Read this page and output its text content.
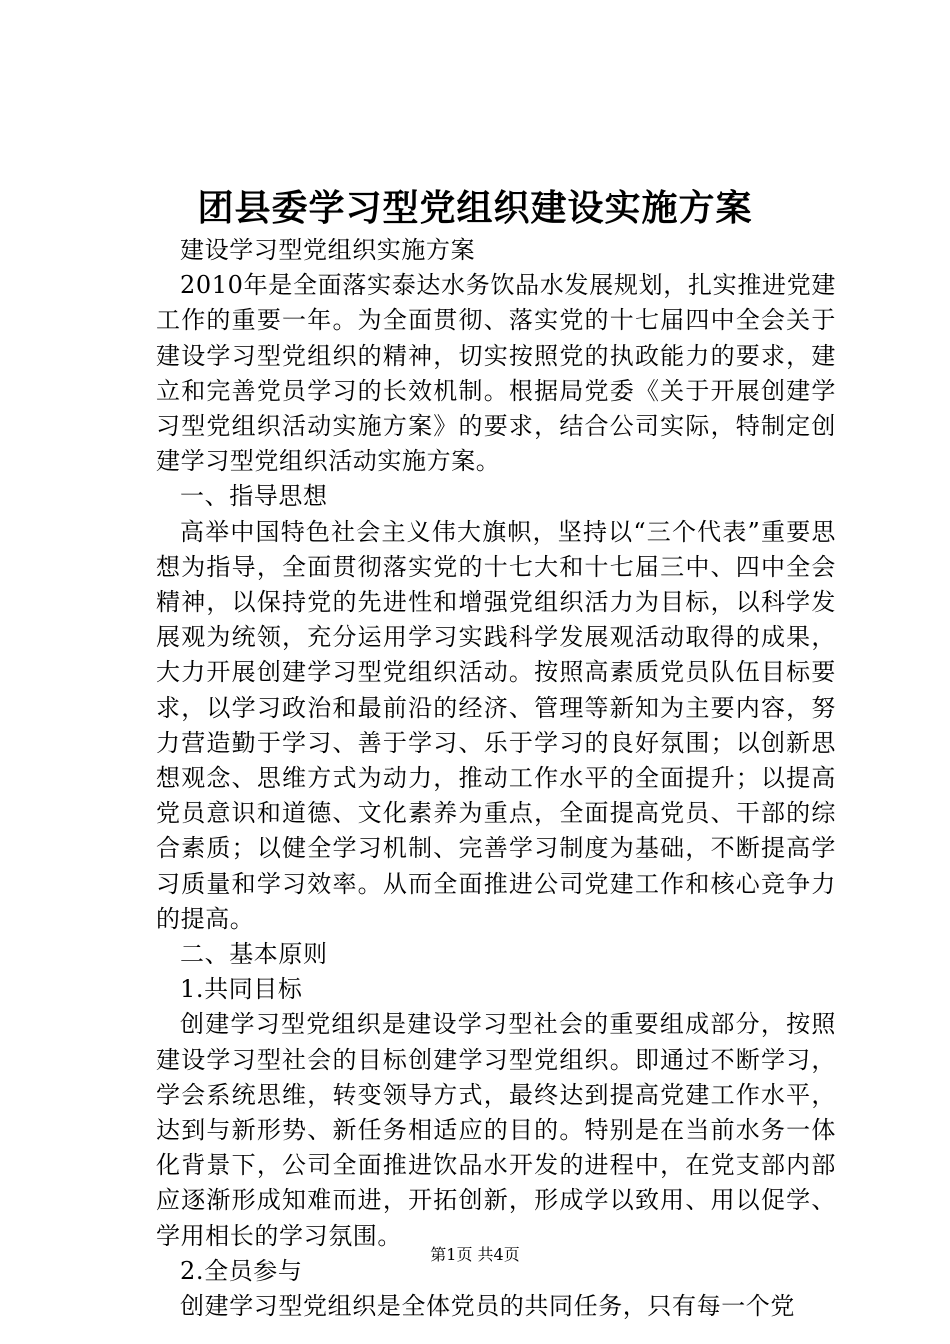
团县委学习型党组织建设实施方案

建设学习型党组织实施方案

2010年是全面落实泰达水务饮品水发展规划，扎实推进党建工作的重要一年。为全面贯彻、落实党的十七届四中全会关于建设学习型党组织的精神，切实按照党的执政能力的要求，建立和完善党员学习的长效机制。根据局党委《关于开展创建学习型党组织活动实施方案》的要求，结合公司实际，特制定创建学习型党组织活动实施方案。

一、指导思想

高举中国特色社会主义伟大旗帜，坚持以“三个代表”重要思想为指导，全面贯彻落实党的十七大和十七届三中、四中全会精神，以保持党的先进性和增强党组织活力为目标，以科学发展观为统领，充分运用学习实践科学发展观活动取得的成果，大力开展创建学习型党组织活动。按照高素质党员队伍目标要求，以学习政治和最前沿的经济、管理等新知为主要内容，努力营造勤于学习、善于学习、乐于学习的良好氛围；以创新思想观念、思维方式为动力，推动工作水平的全面提升；以提高党员意识和道德、文化素养为重点，全面提高党员、干部的综合素质；以健全学习机制、完善学习制度为基础，不断提高学习质量和学习效率。从而全面推进公司党建工作和核心竞争力的提高。

二、基本原则

1.共同目标

创建学习型党组织是建设学习型社会的重要组成部分，按照建设学习型社会的目标创建学习型党组织。即通过不断学习，学会系统思维，转变领导方式，最终达到提高党建工作水平，达到与新形势、新任务相适应的目的。特别是在当前水务一体化背景下，公司全面推进饮品水开发的进程中，在党支部内部应逐渐形成知难而进，开拓创新，形成学以致用、用以促学、学用相长的学习氛围。

2.全员参与

创建学习型党组织是全体党员的共同任务，只有每一个党

第1页 共4页
